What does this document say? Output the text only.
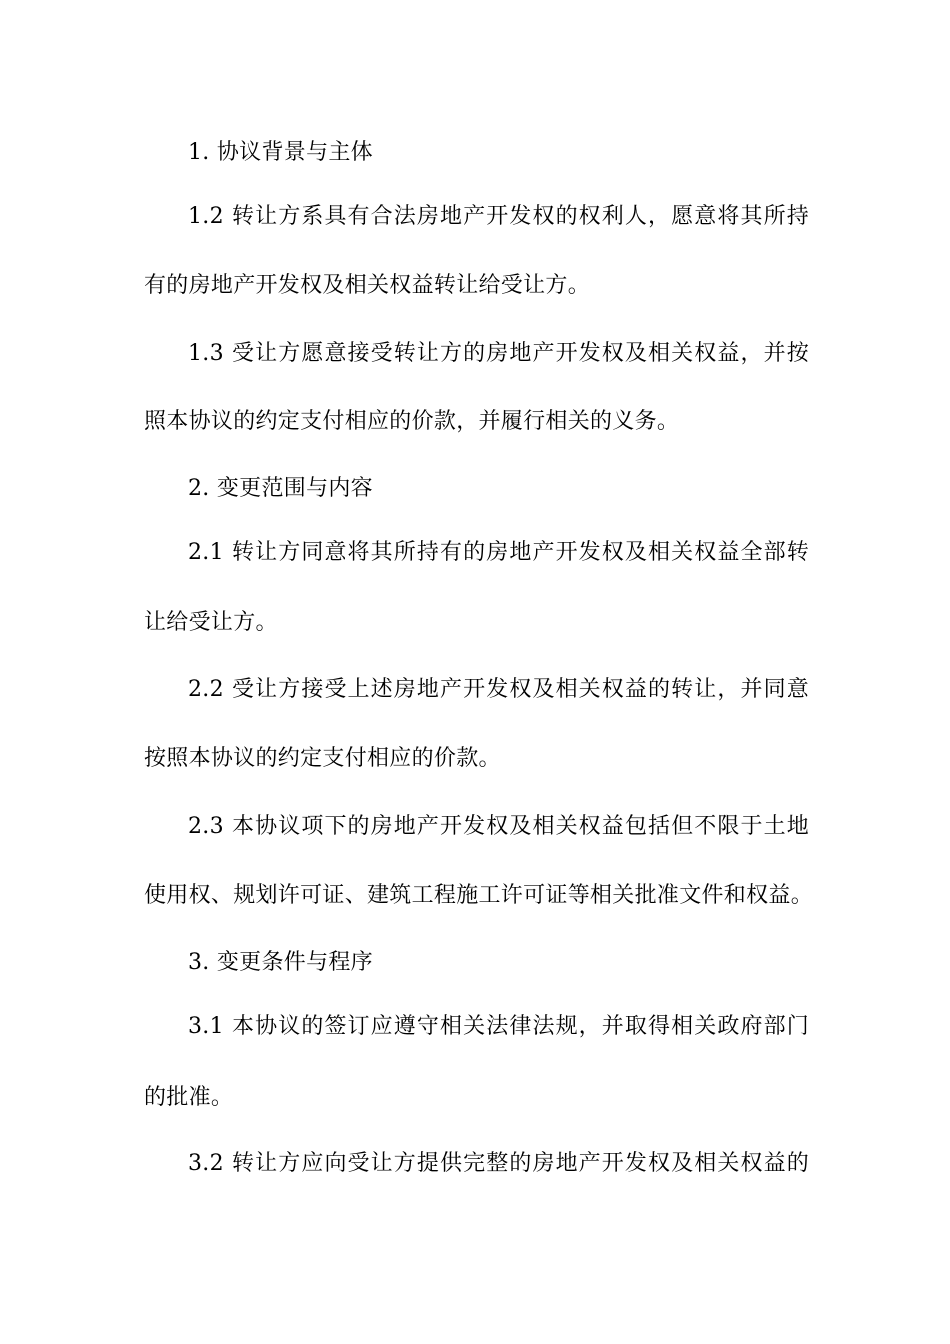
1. 协议背景与主体
1.2 转让方系具有合法房地产开发权的权利人，愿意将其所持
有的房地产开发权及相关权益转让给受让方。
1.3 受让方愿意接受转让方的房地产开发权及相关权益，并按
照本协议的约定支付相应的价款，并履行相关的义务。
2. 变更范围与内容
2.1 转让方同意将其所持有的房地产开发权及相关权益全部转
让给受让方。
2.2 受让方接受上述房地产开发权及相关权益的转让，并同意
按照本协议的约定支付相应的价款。
2.3 本协议项下的房地产开发权及相关权益包括但不限于土地
使用权、规划许可证、建筑工程施工许可证等相关批准文件和权益。
3. 变更条件与程序
3.1 本协议的签订应遵守相关法律法规，并取得相关政府部门
的批准。
3.2 转让方应向受让方提供完整的房地产开发权及相关权益的
